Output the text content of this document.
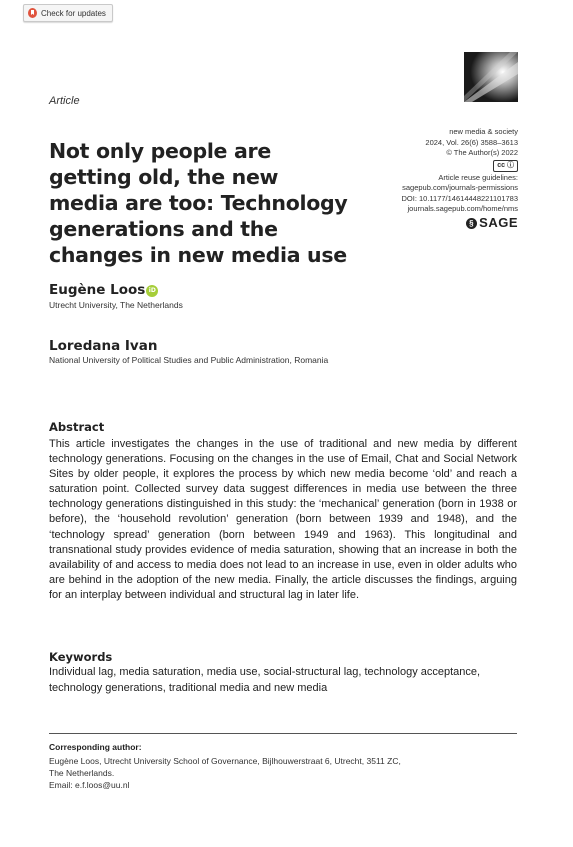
Check for updates
Article
Not only people are getting old, the new media are too: Technology generations and the changes in new media use
new media & society
2024, Vol. 26(6) 3588–3613
© The Author(s) 2022
cc ⓘ
Article reuse guidelines:
sagepub.com/journals-permissions
DOI: 10.1177/14614448221101783
journals.sagepub.com/home/nms
§ SAGE
Eugène Loos iD
Utrecht University, The Netherlands
Loredana Ivan
National University of Political Studies and Public Administration, Romania
Abstract

This article investigates the changes in the use of traditional and new media by different technology generations. Focusing on the changes in the use of Email, Chat and Social Network Sites by older people, it explores the process by which new media become ‘old’ and reach a saturation point. Collected survey data suggest differences in media use between the three technology generations distinguished in this study: the ‘mechanical’ generation (born in 1938 or before), the ‘household revolution’ generation (born between 1939 and 1948), and the ‘technology spread’ generation (born between 1949 and 1963). This longitudinal and transnational study provides evidence of media saturation, showing that an increase in both the availability of and access to media does not lead to an increase in use, even in older adults who are behind in the adoption of the new media. Finally, the article discusses the findings, arguing for an interplay between individual and structural lag in later life.

Keywords

Individual lag, media saturation, media use, social-structural lag, technology acceptance, technology generations, traditional media and new media

Corresponding author:
Eugène Loos, Utrecht University School of Governance, Bijlhouwerstraat 6, Utrecht, 3511 ZC,
The Netherlands.
Email: e.f.loos@uu.nl
